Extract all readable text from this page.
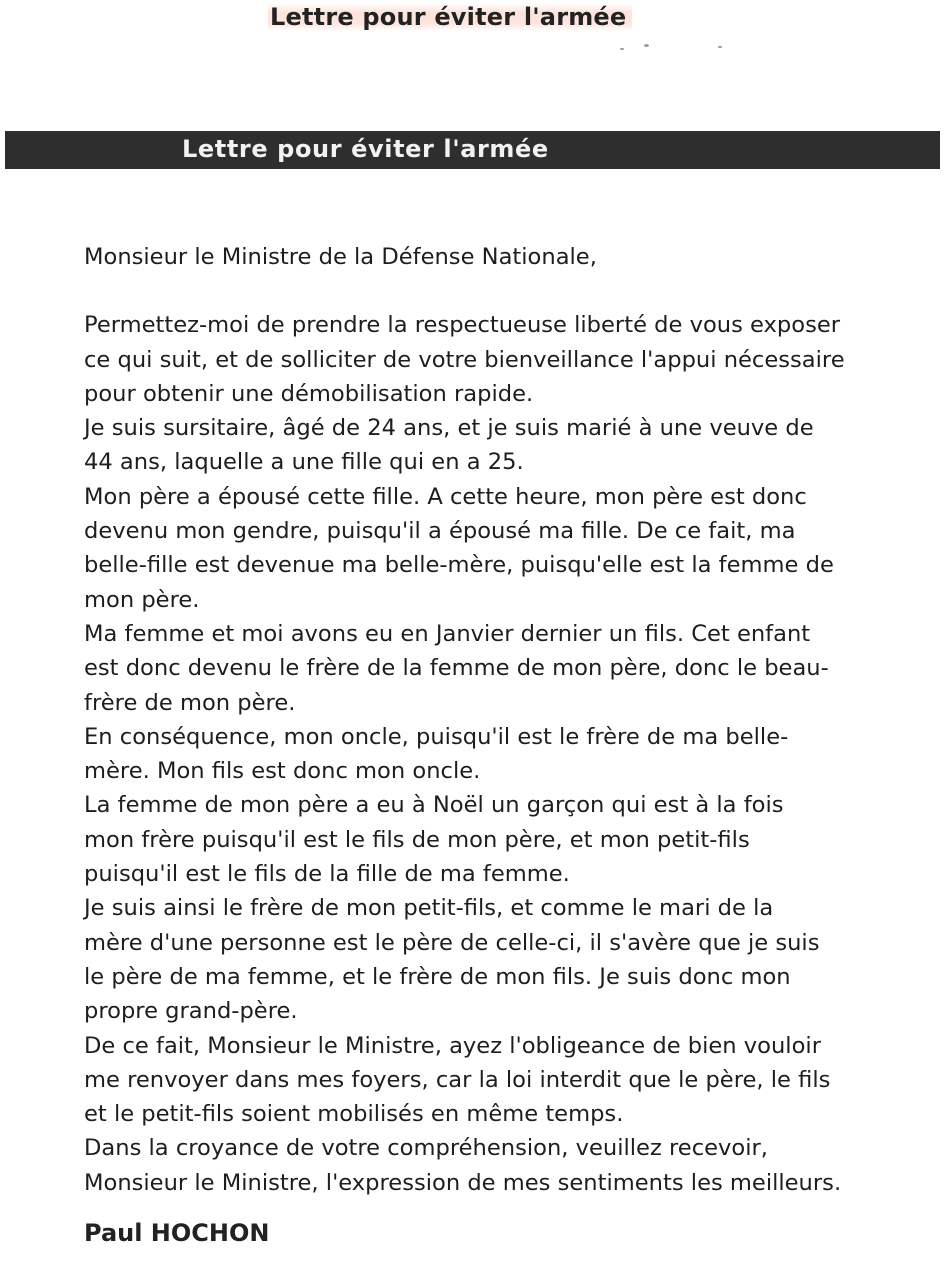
Lettre pour éviter l'armée
Lettre pour éviter l'armée
Monsieur le Ministre de la Défense Nationale,
Permettez-moi de prendre la respectueuse liberté de vous exposer
ce qui suit, et de solliciter de votre bienveillance l'appui nécessaire
pour obtenir une démobilisation rapide.
Je suis sursitaire, âgé de 24 ans, et je suis marié à une veuve de
44 ans, laquelle a une fille qui en a 25.
Mon père a épousé cette fille. A cette heure, mon père est donc
devenu mon gendre, puisqu'il a épousé ma fille. De ce fait, ma
belle-fille est devenue ma belle-mère, puisqu'elle est la femme de
mon père.
Ma femme et moi avons eu en Janvier dernier un fils. Cet enfant
est donc devenu le frère de la femme de mon père, donc le beau-
frère de mon père.
En conséquence, mon oncle, puisqu'il est le frère de ma belle-
mère. Mon fils est donc mon oncle.
La femme de mon père a eu à Noël un garçon qui est à la fois
mon frère puisqu'il est le fils de mon père, et mon petit-fils
puisqu'il est le fils de la fille de ma femme.
Je suis ainsi le frère de mon petit-fils, et comme le mari de la
mère d'une personne est le père de celle-ci, il s'avère que je suis
le père de ma femme, et le frère de mon fils. Je suis donc mon
propre grand-père.
De ce fait, Monsieur le Ministre, ayez l'obligeance de bien vouloir
me renvoyer dans mes foyers, car la loi interdit que le père, le fils
et le petit-fils soient mobilisés en même temps.
Dans la croyance de votre compréhension, veuillez recevoir,
Monsieur le Ministre, l'expression de mes sentiments les meilleurs.
Paul HOCHON
